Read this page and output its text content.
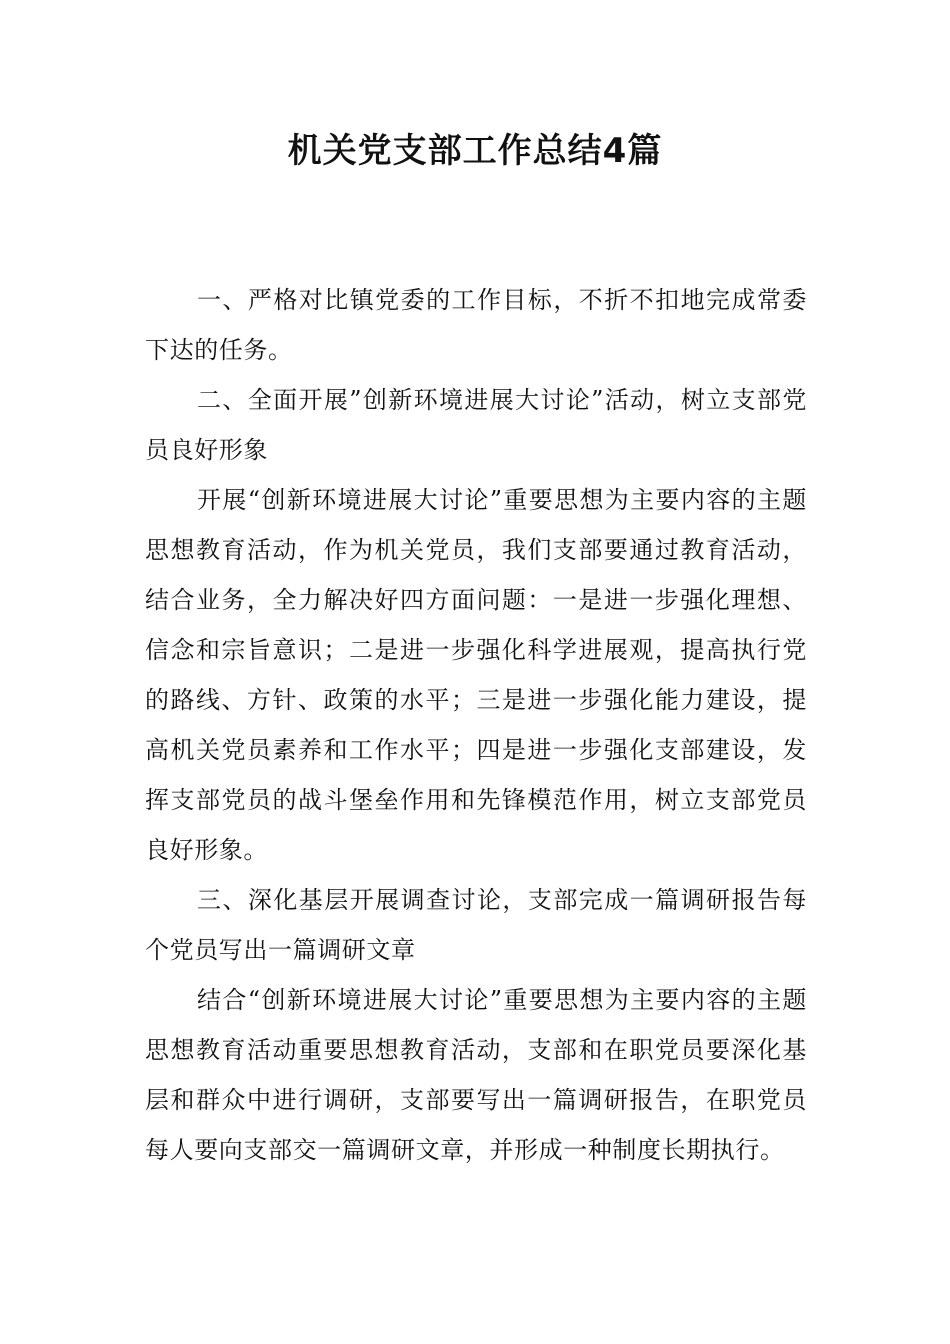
机关党支部工作总结4篇

一、严格对比镇党委的工作目标，不折不扣地完成常委下达的任务。

二、全面开展”创新环境进展大讨论”活动，树立支部党员良好形象

开展“创新环境进展大讨论”重要思想为主要内容的主题思想教育活动，作为机关党员，我们支部要通过教育活动，结合业务，全力解决好四方面问题：一是进一步强化理想、信念和宗旨意识；二是进一步强化科学进展观，提高执行党的路线、方针、政策的水平；三是进一步强化能力建设，提高机关党员素养和工作水平；四是进一步强化支部建设，发挥支部党员的战斗堡垒作用和先锋模范作用，树立支部党员良好形象。

三、深化基层开展调查讨论，支部完成一篇调研报告每个党员写出一篇调研文章

结合“创新环境进展大讨论”重要思想为主要内容的主题思想教育活动重要思想教育活动，支部和在职党员要深化基层和群众中进行调研，支部要写出一篇调研报告，在职党员每人要向支部交一篇调研文章，并形成一种制度长期执行。
